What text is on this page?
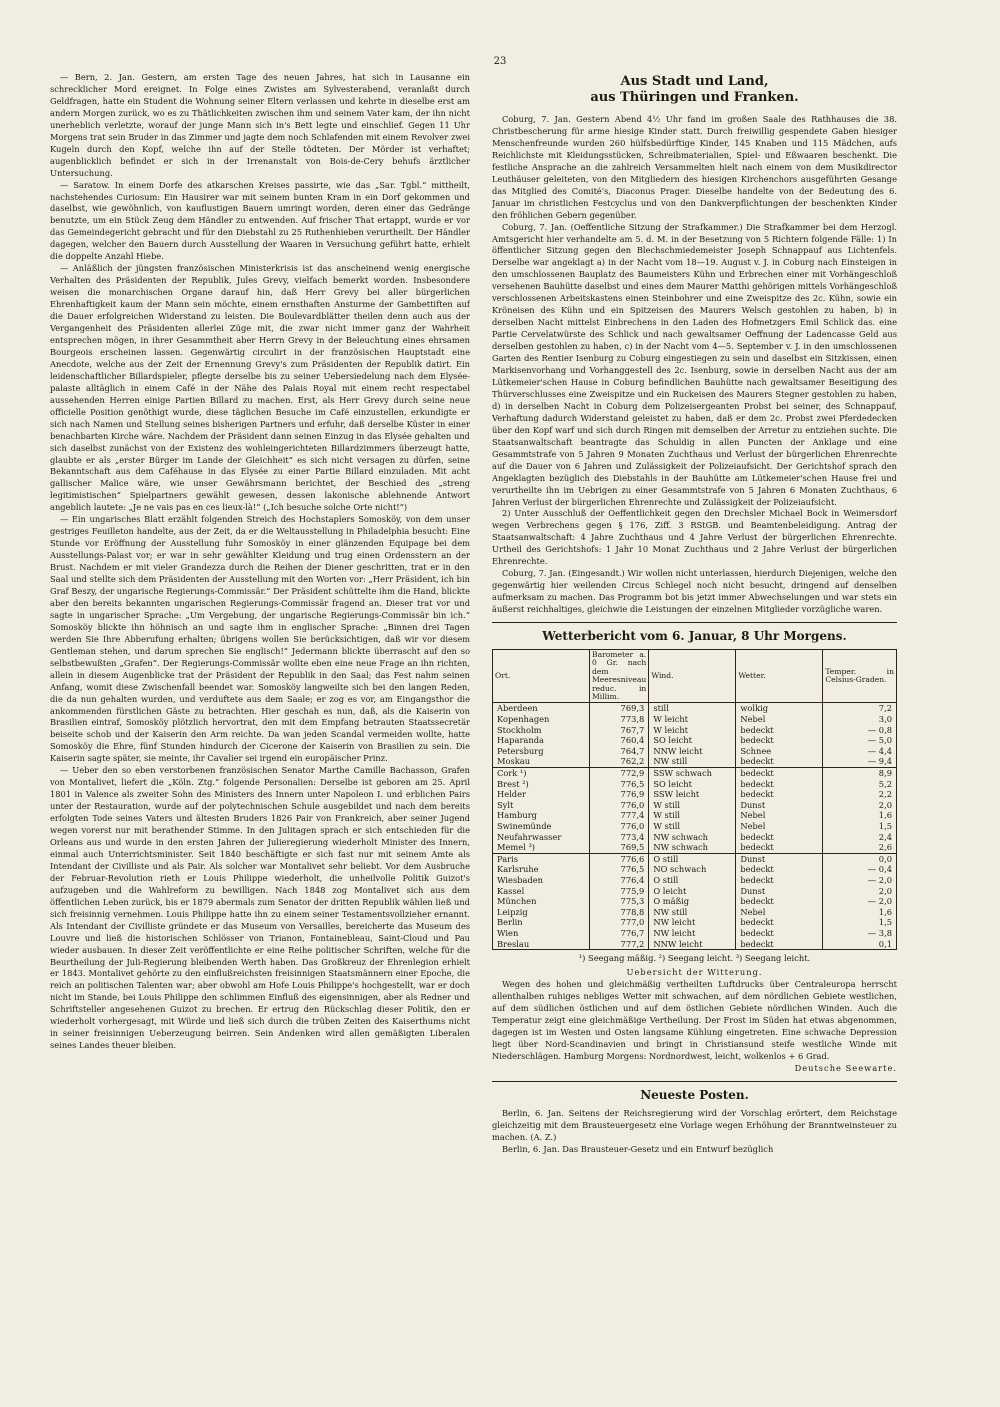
23

— Bern, 2. Jan. Gestern, am ersten Tage des neuen Jahres, hat sich in Lausanne ein schrecklicher Mord ereignet. In Folge eines Zwistes am Sylvesterabend, veranlaßt durch Geldfragen, hatte ein Student die Wohnung seiner Eltern verlassen und kehrte in dieselbe erst am andern Morgen zurück, wo es zu Thätlichkeiten zwischen ihm und seinem Vater kam, der ihn nicht unerheblich verletzte, worauf der junge Mann sich in's Bett legte und einschlief. Gegen 11 Uhr Morgens trat sein Bruder in das Zimmer und jagte dem noch Schlafenden mit einem Revolver zwei Kugeln durch den Kopf, welche ihn auf der Stelle tödteten. Der Mörder ist verhaftet; augenblicklich befindet er sich in der Irrenanstalt von Bois-de-Cery behufs ärztlicher Untersuchung.

— Saratow. In einem Dorfe des atkarschen Kreises passirte, wie das „Sar. Tgbl.“ mittheilt, nachstehendes Curiosum: Ein Hausirer war mit seinem bunten Kram in ein Dorf gekommen und daselbst, wie gewöhnlich, von kauflustigen Bauern umringt worden, deren einer das Gedränge benutzte, um ein Stück Zeug dem Händler zu entwenden. Auf frischer That ertappt, wurde er vor das Gemeindegericht gebracht und für den Diebstahl zu 25 Ruthenhieben verurtheilt. Der Händler dagegen, welcher den Bauern durch Ausstellung der Waaren in Versuchung geführt hatte, erhielt die doppelte Anzahl Hiebe.

— Anläßlich der jüngsten französischen Ministerkrisis ist das anscheinend wenig energische Verhalten des Präsidenten der Republik, Jules Grevy, vielfach bemerkt worden. Insbesondere weisen die monarchischen Organe darauf hin, daß Herr Grevy bei aller bürgerlichen Ehrenhaftigkeit kaum der Mann sein möchte, einem ernsthaften Ansturme der Gambettiften auf die Dauer erfolgreichen Widerstand zu leisten. Die Boulevardblätter theilen denn auch aus der Vergangenheit des Präsidenten allerlei Züge mit, die zwar nicht immer ganz der Wahrheit entsprechen mögen, in ihrer Gesammtheit aber Herrn Grevy in der Beleuchtung eines ehrsamen Bourgeois erscheinen lassen. Gegenwärtig circulirt in der französischen Hauptstadt eine Anecdote, welche aus der Zeit der Ernennung Grevy's zum Präsidenten der Republik datirt. Ein leidenschaftlicher Billardspieler, pflegte derselbe bis zu seiner Uebersiedelung nach dem Elysée-palaste alltäglich in einem Café in der Nähe des Palais Royal mit einem recht respectabel aussehenden Herren einige Partien Billard zu machen. Erst, als Herr Grevy durch seine neue officielle Position genöthigt wurde, diese täglichen Besuche im Café einzustellen, erkundigte er sich nach Namen und Stellung seines bisherigen Partners und erfuhr, daß derselbe Küster in einer benachbarten Kirche wäre. Nachdem der Präsident dann seinen Einzug in das Elysée gehalten und sich daselbst zunächst von der Existenz des wohleingerichteten Billardzimmers überzeugt hatte, glaubte er als „erster Bürger im Lande der Gleichheit“ es sich nicht versagen zu dürfen, seine Bekanntschaft aus dem Caféhause in das Elysée zu einer Partie Billard einzuladen. Mit acht gallischer Malice wäre, wie unser Gewährsmann berichtet, der Beschied des „streng legitimistischen“ Spielpartners gewählt gewesen, dessen lakonische ablehnende Antwort angeblich lautete: „Je ne vais pas en ces lieux-là!“ („Ich besuche solche Orte nicht!“)

— Ein ungarisches Blatt erzählt folgenden Streich des Hochstaplers Somosköy, von dem unser gestriges Feuilleton handelte, aus der Zeit, da er die Weltausstellung in Philadelphia besucht: Eine Stunde vor Eröffnung der Ausstellung fuhr Somosköy in einer glänzenden Equipage bei dem Ausstellungs-Palast vor; er war in sehr gewählter Kleidung und trug einen Ordensstern an der Brust. Nachdem er mit vieler Grandezza durch die Reihen der Diener geschritten, trat er in den Saal und stellte sich dem Präsidenten der Ausstellung mit den Worten vor: „Herr Präsident, ich bin Graf Beszy, der ungarische Regierungs-Commissär.“ Der Präsident schüttelte ihm die Hand, blickte aber den bereits bekannten ungarischen Regierungs-Commissär fragend an. Dieser trat vor und sagte in ungarischer Sprache: „Um Vergebung, der ungarische Regierungs-Commissär bin ich.“ Somosköy blickte ihn höhnisch an und sagte ihm in englischer Sprache: „Binnen drei Tagen werden Sie Ihre Abberufung erhalten; übrigens wollen Sie berücksichtigen, daß wir vor diesem Gentleman stehen, und darum sprechen Sie englisch!“ Jedermann blickte überrascht auf den so selbstbewußten „Grafen“. Der Regierungs-Commissär wollte eben eine neue Frage an ihn richten, allein in diesem Augenblicke trat der Präsident der Republik in den Saal; das Fest nahm seinen Anfang, womit diese Zwischenfall beendet war. Somosköy langweilte sich bei den langen Reden, die da nun gehalten wurden, und verduftete aus dem Saale; er zog es vor, am Eingangsthor die ankommenden fürstlichen Gäste zu betrachten. Hier geschah es nun, daß, als die Kaiserin von Brasilien eintraf, Somosköy plötzlich hervortrat, den mit dem Empfang betrauten Staatssecretär beiseite schob und der Kaiserin den Arm reichte. Da wan jeden Scandal vermeiden wollte, hatte Somosköy die Ehre, fünf Stunden hindurch der Cicerone der Kaiserin von Brasilien zu sein. Die Kaiserin sagte später, sie meinte, ihr Cavalier sei irgend ein europäischer Prinz.

— Ueber den so eben verstorbenen französischen Senator Marthe Camille Bachasson, Grafen von Montalivet, liefert die „Köln. Ztg.“ folgende Personalien: Derselbe ist geboren am 25. April 1801 in Valence als zweiter Sohn des Ministers des Innern unter Napoleon I. und erblichen Pairs unter der Restauration, wurde auf der polytechnischen Schule ausgebildet und nach dem bereits erfolgten Tode seines Vaters und ältesten Bruders 1826 Pair von Frankreich, aber seiner Jugend wegen vorerst nur mit berathender Stimme. In den Julitagen sprach er sich entschieden für die Orleans aus und wurde in den ersten Jahren der Julieregierung wiederholt Minister des Innern, einmal auch Unterrichtsminister. Seit 1840 beschäftigte er sich fast nur mit seinem Amte als Intendant der Civilliste und als Pair. Als solcher war Montalivet sehr beliebt. Vor dem Ausbruche der Februar-Revolution rieth er Louis Philippe wiederholt, die unheilvolle Politik Guizot's aufzugeben und die Wahlreform zu bewilligen. Nach 1848 zog Montalivet sich aus dem öffentlichen Leben zurück, bis er 1879 abermals zum Senator der dritten Republik wählen ließ und sich freisinnig vernehmen. Louis Philippe hatte ihn zu einem seiner Testamentsvollzieher ernannt. Als Intendant der Civilliste gründete er das Museum von Versailles, bereicherte das Museum des Louvre und ließ die historischen Schlösser von Trianon, Fontainebleau, Saint-Cloud und Pau wieder ausbauen. In dieser Zeit veröffentlichte er eine Reihe politischer Schriften, welche für die Beurtheilung der Juli-Regierung bleibenden Werth haben. Das Großkreuz der Ehrenlegion erhielt er 1843. Montalivet gehörte zu den einflußreichsten freisinnigen Staatsmännern einer Epoche, die reich an politischen Talenten war; aber obwohl am Hofe Louis Philippe's hochgestellt, war er doch nicht im Stande, bei Louis Philippe den schlimmen Einfluß des eigensinnigen, aber als Redner und Schriftsteller angesehenen Guizot zu brechen. Er ertrug den Rückschlag dieser Politik, den er wiederholt vorhergesagt, mit Würde und ließ sich durch die trüben Zeiten des Kaiserthums nicht in seiner freisinnigen Ueberzeugung beirren. Sein Andenken wird allen gemäßigten Liberalen seines Landes theuer bleiben.

Aus Stadt und Land,
aus Thüringen und Franken.

Coburg, 7. Jan. Gestern Abend 4½ Uhr fand im großen Saale des Rathhauses die 38. Christbescherung für arme hiesige Kinder statt. Durch freiwillig gespendete Gaben hiesiger Menschenfreunde wurden 260 hülfsbedürftige Kinder, 145 Knaben und 115 Mädchen, aufs Reichlichste mit Kleidungsstücken, Schreibmaterialien, Spiel- und Eßwaaren beschenkt. Die festliche Ansprache an die zahlreich Versammelten hielt nach einem von dem Musikdirector Leuthäuser geleiteten, von den Mitgliedern des hiesigen Kirchenchors ausgeführten Gesange das Mitglied des Comité's, Diaconus Prager. Dieselbe handelte von der Bedeutung des 6. Januar im christlichen Festcyclus und von den Dankverpflichtungen der beschenkten Kinder den fröhlichen Gebern gegenüber.

Coburg, 7. Jan. (Oeffentliche Sitzung der Strafkammer.) Die Strafkammer bei dem Herzogl. Amtsgericht hier verhandelte am 5. d. M. in der Besetzung von 5 Richtern folgende Fälle: 1) In öffentlicher Sitzung gegen den Blechschmiedemeister Joseph Schnappauf aus Lichtenfels. Derselbe war angeklagt a) in der Nacht vom 18—19. August v. J. in Coburg nach Einsteigen in den umschlossenen Bauplatz des Baumeisters Kühn und Erbrechen einer mit Vorhängeschloß versehenen Bauhütte daselbst und eines dem Maurer Matthi gehörigen mittels Vorhängeschloß verschlossenen Arbeitskastens einen Steinbohrer und eine Zweispitze des 2c. Kühn, sowie ein Kröneisen des Kühn und ein Spitzeisen des Maurers Welsch gestohlen zu haben, b) in derselben Nacht mittelst Einbrechens in den Laden des Hofmetzgers Emil Schlick das. eine Partie Cervelatwürste des Schlick und nach gewaltsamer Oeffnung der Ladencasse Geld aus derselben gestohlen zu haben, c) in der Nacht vom 4—5. September v. J. in den umschlossenen Garten des Rentier Isenburg zu Coburg eingestiegen zu sein und daselbst ein Sitzkissen, einen Markisenvorhang und Vorhanggestell des 2c. Isenburg, sowie in derselben Nacht aus der am Lütkemeier'schen Hause in Coburg befindlichen Bauhütte nach gewaltsamer Beseitigung des Thürverschlusses eine Zweispitze und ein Ruckeisen des Maurers Stegner gestohlen zu haben, d) in derselben Nacht in Coburg dem Polizeisergeanten Probst bei seiner, des Schnappauf, Verhaftung dadurch Widerstand geleistet zu haben, daß er dem 2c. Probst zwei Pferdedecken über den Kopf warf und sich durch Ringen mit demselben der Arretur zu entziehen suchte. Die Staatsanwaltschaft beantragte das Schuldig in allen Puncten der Anklage und eine Gesammtstrafe von 5 Jahren 9 Monaten Zuchthaus und Verlust der bürgerlichen Ehrenrechte auf die Dauer von 6 Jahren und Zulässigkeit der Polizeiaufsicht. Der Gerichtshof sprach den Angeklagten bezüglich des Diebstahls in der Bauhütte am Lütkemeier'schen Hause frei und verurtheilte ihn im Uebrigen zu einer Gesammtstrafe von 5 Jahren 6 Monaten Zuchthaus, 6 Jahren Verlust der bürgerlichen Ehrenrechte und Zulässigkeit der Polizeiaufsicht.

2) Unter Ausschluß der Oeffentlichkeit gegen den Drechsler Michael Bock in Weimersdorf wegen Verbrechens gegen § 176, Ziff. 3 RStGB. und Beamtenbeleidigung. Antrag der Staatsanwaltschaft: 4 Jahre Zuchthaus und 4 Jahre Verlust der bürgerlichen Ehrenrechte. Urtheil des Gerichtshofs: 1 Jahr 10 Monat Zuchthaus und 2 Jahre Verlust der bürgerlichen Ehrenrechte.

Coburg, 7. Jan. (Eingesandt.) Wir wollen nicht unterlassen, hierdurch Diejenigen, welche den gegenwärtig hier weilenden Circus Schlegel noch nicht besucht, dringend auf denselben aufmerksam zu machen. Das Programm bot bis jetzt immer Abwechselungen und war stets ein äußerst reichhaltiges, gleichwie die Leistungen der einzelnen Mitglieder vorzügliche waren.

Wetterbericht vom 6. Januar, 8 Uhr Morgens.
Ort.	Barometer a. 0 Gr. nach dem Meeresniveau reduc. in Millim.	Wind.	Wetter.	Temper. in Celsius-Graden.
Aberdeen	769,3	still	wolkig	7,2
Kopenhagen	773,8	W leicht	Nebel	3,0
Stockholm	767,7	W leicht	bedeckt	— 0,8
Haparanda	760,4	SO leicht	bedeckt	— 5,0
Petersburg	764,7	NNW leicht	Schnee	— 4,4
Moskau	762,2	NW still	bedeckt	— 9,4
Cork ¹)	772,9	SSW schwach	bedeckt	8,9
Brest ²)	776,5	SO leicht	bedeckt	5,2
Helder	776,9	SSW leicht	bedeckt	2,2
Sylt	776,0	W still	Dunst	2,0
Hamburg	777,4	W still	Nebel	1,6
Swinemünde	776,0	W still	Nebel	1,5
Neufahrwasser	773,4	NW schwach	bedeckt	2,4
Memel ³)	769,5	NW schwach	bedeckt	2,6
Paris	776,6	O still	Dunst	0,0
Karlsruhe	776,5	NO schwach	bedeckt	— 0,4
Wiesbaden	776,4	O still	bedeckt	— 2,0
Kassel	775,9	O leicht	Dunst	2,0
München	775,3	O mäßig	bedeckt	— 2,0
Leipzig	778,8	NW still	Nebel	1,6
Berlin	777,0	NW leicht	bedeckt	1,5
Wien	776,7	NW leicht	bedeckt	— 3,8
Breslau	777,2	NNW leicht	bedeckt	0,1
¹) Seegang mäßig. ²) Seegang leicht. ³) Seegang leicht.
Uebersicht der Witterung.

Wegen des hohen und gleichmäßig vertheilten Luftdrucks über Centraleuropa herrscht allenthalben ruhiges nebliges Wetter mit schwachen, auf dem nördlichen Gebiete westlichen, auf dem südlichen östlichen und auf dem östlichen Gebiete nördlichen Winden. Auch die Temperatur zeigt eine gleichmäßige Vertheilung. Der Frost im Süden hat etwas abgenommen, dagegen ist im Westen und Osten langsame Kühlung eingetreten. Eine schwache Depression liegt über Nord-Scandinavien und bringt in Christiansund steife westliche Winde mit Niederschlägen. Hamburg Morgens: Nordnordwest, leicht, wolkenlos + 6 Grad.

Deutsche Seewarte.
Neueste Posten.

Berlin, 6. Jan. Seitens der Reichsregierung wird der Vorschlag erörtert, dem Reichstage gleichzeitig mit dem Brausteuergesetz eine Vorlage wegen Erhöhung der Branntweinsteuer zu machen. (A. Z.)

Berlin, 6. Jan. Das Brausteuer-Gesetz und ein Entwurf bezüglich
